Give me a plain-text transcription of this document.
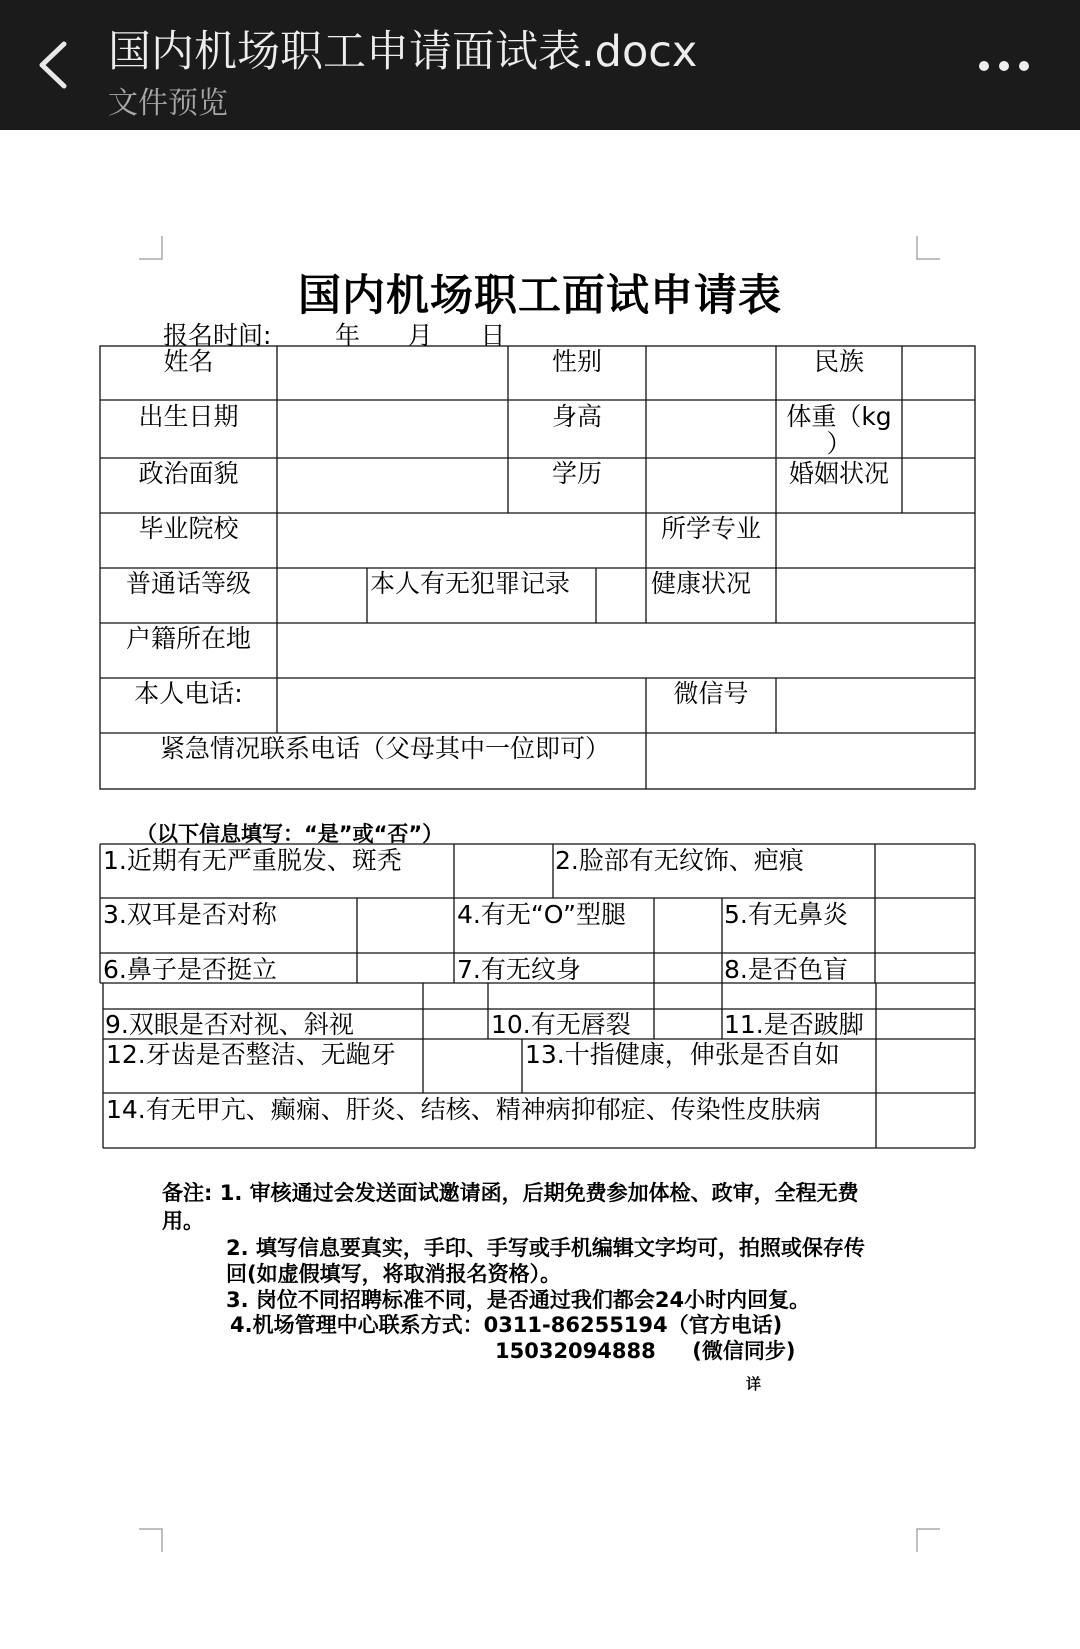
国内机场职工申请面试表.docx
文件预览
国内机场职工面试申请表
报名时间:        年      月      日
姓名	性别	民族
出生日期	身高	体重（kg
）
政治面貌	学历	婚姻状况
毕业院校	所学专业
普通话等级	本人有无犯罪记录	健康状况
户籍所在地
本人电话:	微信号
紧急情况联系电话（父母其中一位即可）
（以下信息填写：“是”或“否”）
1.近期有无严重脱发、斑秃	2.脸部有无纹饰、疤痕
3.双耳是否对称	4.有无“O”型腿	5.有无鼻炎
6.鼻子是否挺立	7.有无纹身	8.是否色盲
9.双眼是否对视、斜视	10.有无唇裂	11.是否跛脚
12.牙齿是否整洁、无龅牙	13.十指健康，伸张是否自如
14.有无甲亢、癫痫、肝炎、结核、精神病抑郁症、传染性皮肤病
备注: 1. 审核通过会发送面试邀请函，后期免费参加体检、政审，全程无费
用。
2. 填写信息要真实，手印、手写或手机编辑文字均可，拍照或保存传
回(如虚假填写，将取消报名资格）。
3. 岗位不同招聘标准不同，是否通过我们都会24小时内回复。
4.机场管理中心联系方式：0311-86255194（官方电话)
15032094888     (微信同步)
详
